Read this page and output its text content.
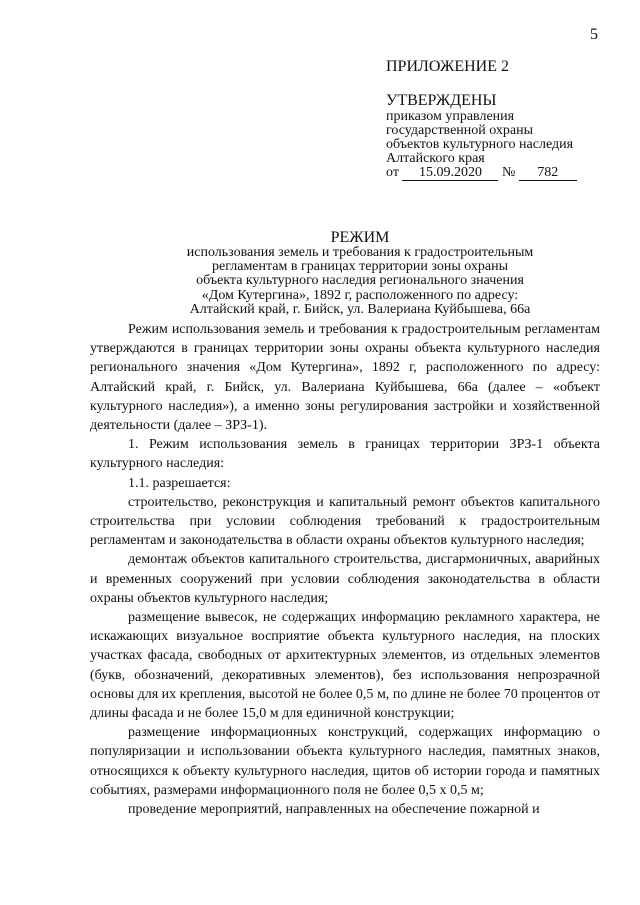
5
ПРИЛОЖЕНИЕ 2
УТВЕРЖДЕНЫ
приказом управления
государственной охраны
объектов культурного наследия
Алтайского края
от 15.09.2020 № 782
РЕЖИМ
использования земель и требования к градостроительным
регламентам в границах территории зоны охраны
объекта культурного наследия регионального значения
«Дом Кутергина», 1892 г, расположенного по адресу:
Алтайский край, г. Бийск, ул. Валериана Куйбышева, 66а

Режим использования земель и требования к градостроительным регламентам утверждаются в границах территории зоны охраны объекта культурного наследия регионального значения «Дом Кутергина», 1892 г, расположенного по адресу: Алтайский край, г. Бийск, ул. Валериана Куйбышева, 66а (далее – «объект культурного наследия»), а именно зоны регулирования застройки и хозяйственной деятельности (далее – ЗРЗ-1).

1. Режим использования земель в границах территории ЗРЗ-1 объекта культурного наследия:

1.1. разрешается:

строительство, реконструкция и капитальный ремонт объектов капитального строительства при условии соблюдения требований к градостроительным регламентам и законодательства в области охраны объектов культурного наследия;

демонтаж объектов капитального строительства, дисгармоничных, аварийных и временных сооружений при условии соблюдения законодательства в области охраны объектов культурного наследия;

размещение вывесок, не содержащих информацию рекламного характера, не искажающих визуальное восприятие объекта культурного наследия, на плоских участках фасада, свободных от архитектурных элементов, из отдельных элементов (букв, обозначений, декоративных элементов), без использования непрозрачной основы для их крепления, высотой не более 0,5 м, по длине не более 70 процентов от длины фасада и не более 15,0 м для единичной конструкции;

размещение информационных конструкций, содержащих информацию о популяризации и использовании объекта культурного наследия, памятных знаков, относящихся к объекту культурного наследия, щитов об истории города и памятных событиях, размерами информационного поля не более 0,5 х 0,5 м;

проведение мероприятий, направленных на обеспечение пожарной и
